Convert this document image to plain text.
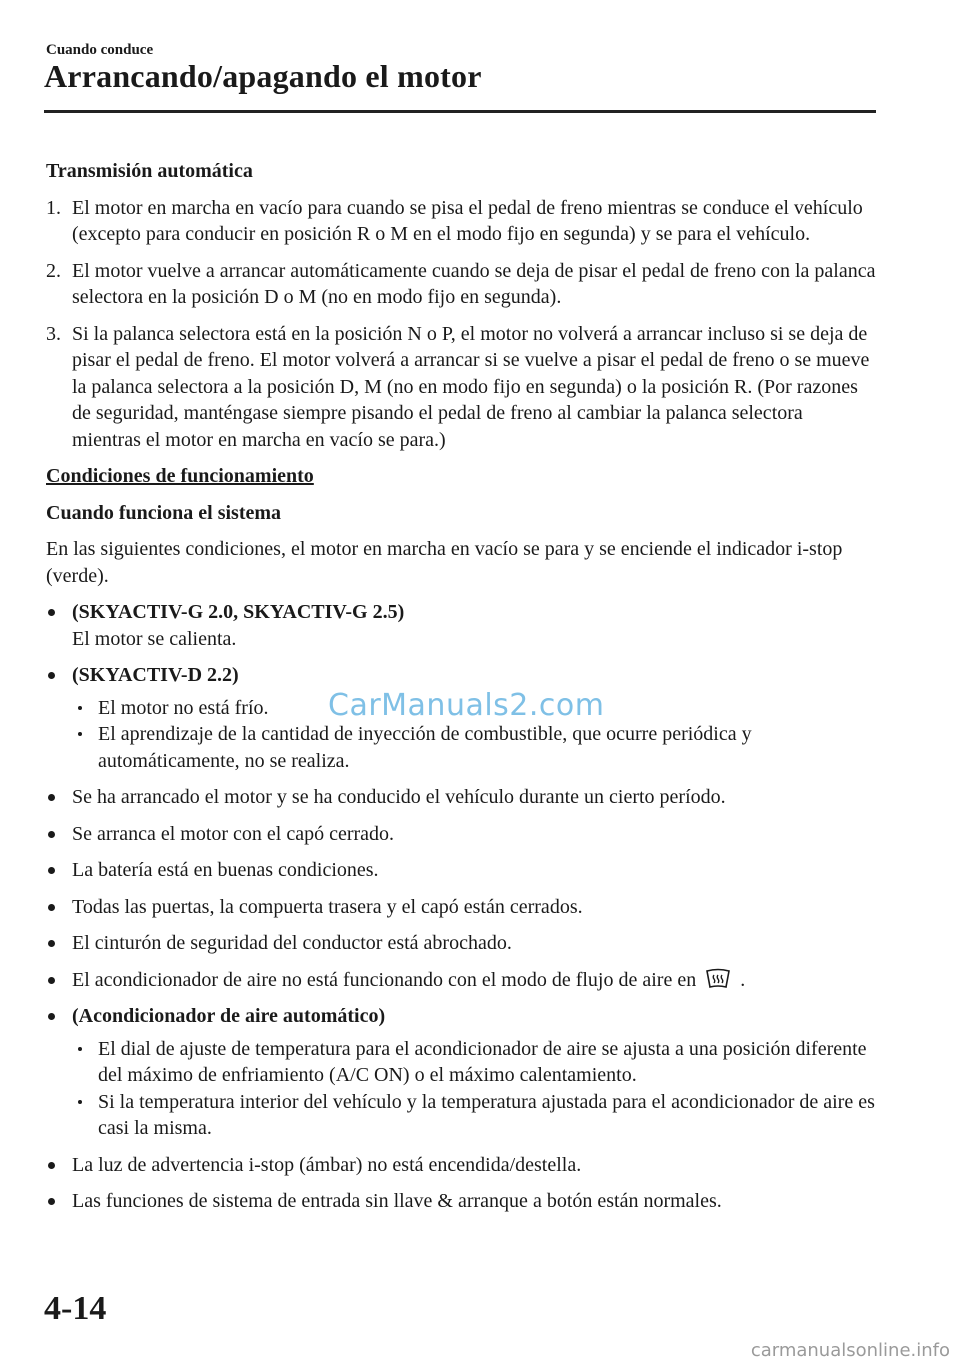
Cuando conduce
Arrancando/apagando el motor
Transmisión automática
1. El motor en marcha en vacío para cuando se pisa el pedal de freno mientras se conduce el vehículo (excepto para conducir en posición R o M en el modo fijo en segunda) y se para el vehículo.
2. El motor vuelve a arrancar automáticamente cuando se deja de pisar el pedal de freno con la palanca selectora en la posición D o M (no en modo fijo en segunda).
3. Si la palanca selectora está en la posición N o P, el motor no volverá a arrancar incluso si se deja de pisar el pedal de freno. El motor volverá a arrancar si se vuelve a pisar el pedal de freno o se mueve la palanca selectora a la posición D, M (no en modo fijo en segunda) o la posición R. (Por razones de seguridad, manténgase siempre pisando el pedal de freno al cambiar la palanca selectora mientras el motor en marcha en vacío se para.)
Condiciones de funcionamiento
Cuando funciona el sistema

En las siguientes condiciones, el motor en marcha en vacío se para y se enciende el indicador i-stop (verde).

(SKYACTIV-G 2.0, SKYACTIV-G 2.5)
El motor se calienta.
(SKYACTIV-D 2.2)
El motor no está frío.
El aprendizaje de la cantidad de inyección de combustible, que ocurre periódica y automáticamente, no se realiza.
Se ha arrancado el motor y se ha conducido el vehículo durante un cierto período.
Se arranca el motor con el capó cerrado.
La batería está en buenas condiciones.
Todas las puertas, la compuerta trasera y el capó están cerrados.
El cinturón de seguridad del conductor está abrochado.
El acondicionador de aire no está funcionando con el modo de flujo de aire en .
(Acondicionador de aire automático)
El dial de ajuste de temperatura para el acondicionador de aire se ajusta a una posición diferente del máximo de enfriamiento (A/C ON) o el máximo calentamiento.
Si la temperatura interior del vehículo y la temperatura ajustada para el acondicionador de aire es casi la misma.
La luz de advertencia i-stop (ámbar) no está encendida/destella.
Las funciones de sistema de entrada sin llave & arranque a botón están normales.
CarManuals2.com
4-14
carmanualsonline.info
